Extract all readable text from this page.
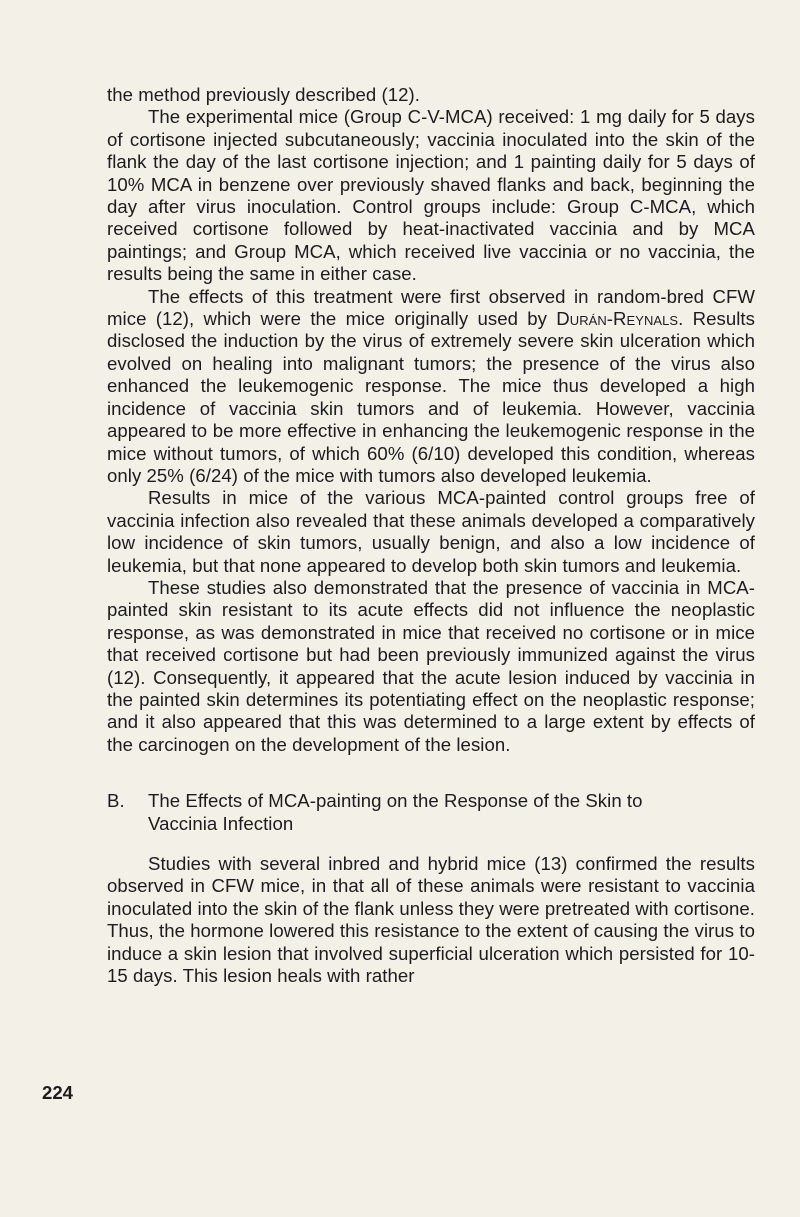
the method previously described (12).

The experimental mice (Group C-V-MCA) received: 1 mg daily for 5 days of cortisone injected subcutaneously; vaccinia inoculated into the skin of the flank the day of the last cortisone injection; and 1 painting daily for 5 days of 10% MCA in benzene over previously shaved flanks and back, beginning the day after virus inoculation. Control groups include: Group C-MCA, which received cortisone followed by heat-inactivated vaccinia and by MCA paintings; and Group MCA, which received live vaccinia or no vaccinia, the results being the same in either case.

The effects of this treatment were first observed in random-bred CFW mice (12), which were the mice originally used by Durán-Reynals. Results disclosed the induction by the virus of extremely severe skin ulceration which evolved on healing into malignant tumors; the presence of the virus also enhanced the leukemogenic response. The mice thus developed a high incidence of vaccinia skin tumors and of leukemia. However, vaccinia appeared to be more effective in enhancing the leukemogenic response in the mice without tumors, of which 60% (6/10) developed this condition, whereas only 25% (6/24) of the mice with tumors also developed leukemia.

Results in mice of the various MCA-painted control groups free of vaccinia infection also revealed that these animals developed a comparatively low incidence of skin tumors, usually benign, and also a low incidence of leukemia, but that none appeared to develop both skin tumors and leukemia.

These studies also demonstrated that the presence of vaccinia in MCA-painted skin resistant to its acute effects did not influence the neoplastic response, as was demonstrated in mice that received no cortisone or in mice that received cortisone but had been previously immunized against the virus (12). Consequently, it appeared that the acute lesion induced by vaccinia in the painted skin determines its potentiating effect on the neoplastic response; and it also appeared that this was determined to a large extent by effects of the carcinogen on the development of the lesion.

B.	The Effects of MCA-painting on the Response of the Skin to Vaccinia Infection

Studies with several inbred and hybrid mice (13) confirmed the results observed in CFW mice, in that all of these animals were resistant to vaccinia inoculated into the skin of the flank unless they were pretreated with cortisone. Thus, the hormone lowered this resistance to the extent of causing the virus to induce a skin lesion that involved superficial ulceration which persisted for 10-15 days. This lesion heals with rather

224
